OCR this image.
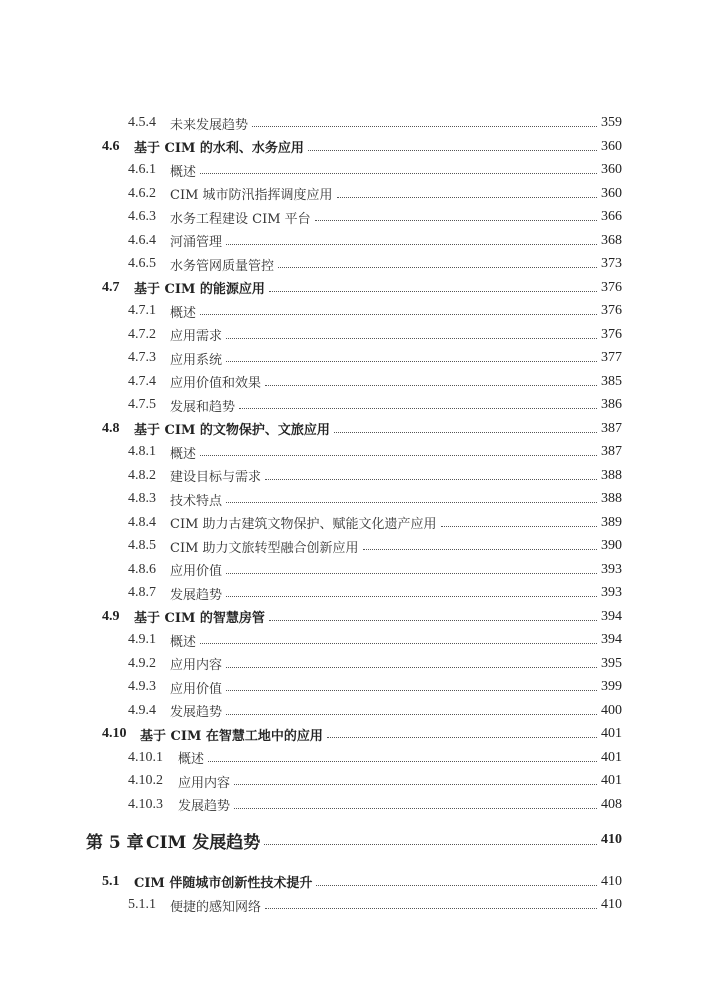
4.5.4	未来发展趋势	359
4.6	基于 CIM 的水利、水务应用	360
4.6.1	概述	360
4.6.2	CIM 城市防汛指挥调度应用	360
4.6.3	水务工程建设 CIM 平台	366
4.6.4	河涌管理	368
4.6.5	水务管网质量管控	373
4.7	基于 CIM 的能源应用	376
4.7.1	概述	376
4.7.2	应用需求	376
4.7.3	应用系统	377
4.7.4	应用价值和效果	385
4.7.5	发展和趋势	386
4.8	基于 CIM 的文物保护、文旅应用	387
4.8.1	概述	387
4.8.2	建设目标与需求	388
4.8.3	技术特点	388
4.8.4	CIM 助力古建筑文物保护、赋能文化遗产应用	389
4.8.5	CIM 助力文旅转型融合创新应用	390
4.8.6	应用价值	393
4.8.7	发展趋势	393
4.9	基于 CIM 的智慧房管	394
4.9.1	概述	394
4.9.2	应用内容	395
4.9.3	应用价值	399
4.9.4	发展趋势	400
4.10	基于 CIM 在智慧工地中的应用	401
4.10.1	概述	401
4.10.2	应用内容	401
4.10.3	发展趋势	408
第 5 章 CIM 发展趋势	410
5.1	CIM 伴随城市创新性技术提升	410
5.1.1	便捷的感知网络	410
